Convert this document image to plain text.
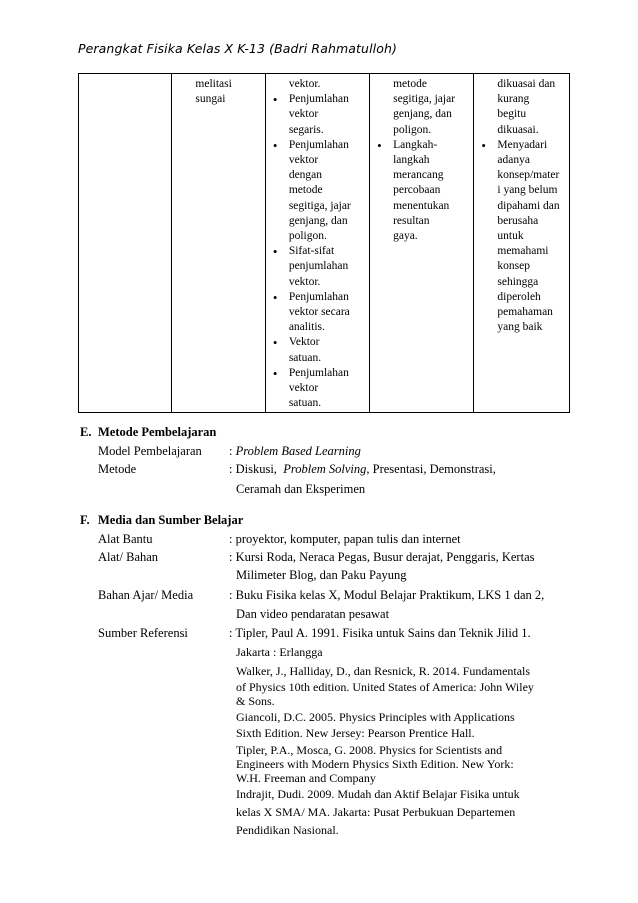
Perangkat Fisika Kelas X K-13 (Badri Rahmatulloh)

melitasi
sungai

vektor.
• Penjumlahan
vektor
segaris.
• Penjumlahan
vektor
dengan
metode
segitiga, jajar
genjang, dan
poligon.
• Sifat-sifat
penjumlahan
vektor.
• Penjumlahan
vektor secara
analitis.
• Vektor
satuan.
• Penjumlahan
vektor
satuan.

metode
segitiga, jajar
genjang, dan
poligon.
• Langkah-
langkah
merancang
percobaan
menentukan
resultan
gaya.

dikuasai dan
kurang
begitu
dikuasai.
• Menyadari
adanya
konsep/mater
i yang belum
dipahami dan
berusaha
untuk
memahami
konsep
sehingga
diperoleh
pemahaman
yang baik
E. Metode Pembelajaran
Model Pembelajaran : Problem Based Learning
Metode	: Diskusi, Problem Solving, Presentasi, Demonstrasi,
Ceramah dan Eksperimen
F. Media dan Sumber Belajar
Alat Bantu	: proyektor, komputer, papan tulis dan internet
Alat/ Bahan	: Kursi Roda, Neraca Pegas, Busur derajat, Penggaris, Kertas
Milimeter Blog, dan Paku Payung
Bahan Ajar/ Media	: Buku Fisika kelas X, Modul Belajar Praktikum, LKS 1 dan 2,
Dan video pendaratan pesawat
Sumber Referensi	: Tipler, Paul A. 1991. Fisika untuk Sains dan Teknik Jilid 1.
Jakarta : Erlangga
Walker, J., Halliday, D., dan Resnick, R. 2014. Fundamentals
of Physics 10th edition. United States of America: John Wiley
& Sons.
Giancoli, D.C. 2005. Physics Principles with Applications
Sixth Edition. New Jersey: Pearson Prentice Hall.
Tipler, P.A., Mosca, G. 2008. Physics for Scientists and
Engineers with Modern Physics Sixth Edition. New York:
W.H. Freeman and Company
Indrajit, Dudi. 2009. Mudah dan Aktif Belajar Fisika untuk
kelas X SMA/ MA. Jakarta: Pusat Perbukuan Departemen
Pendidikan Nasional.
